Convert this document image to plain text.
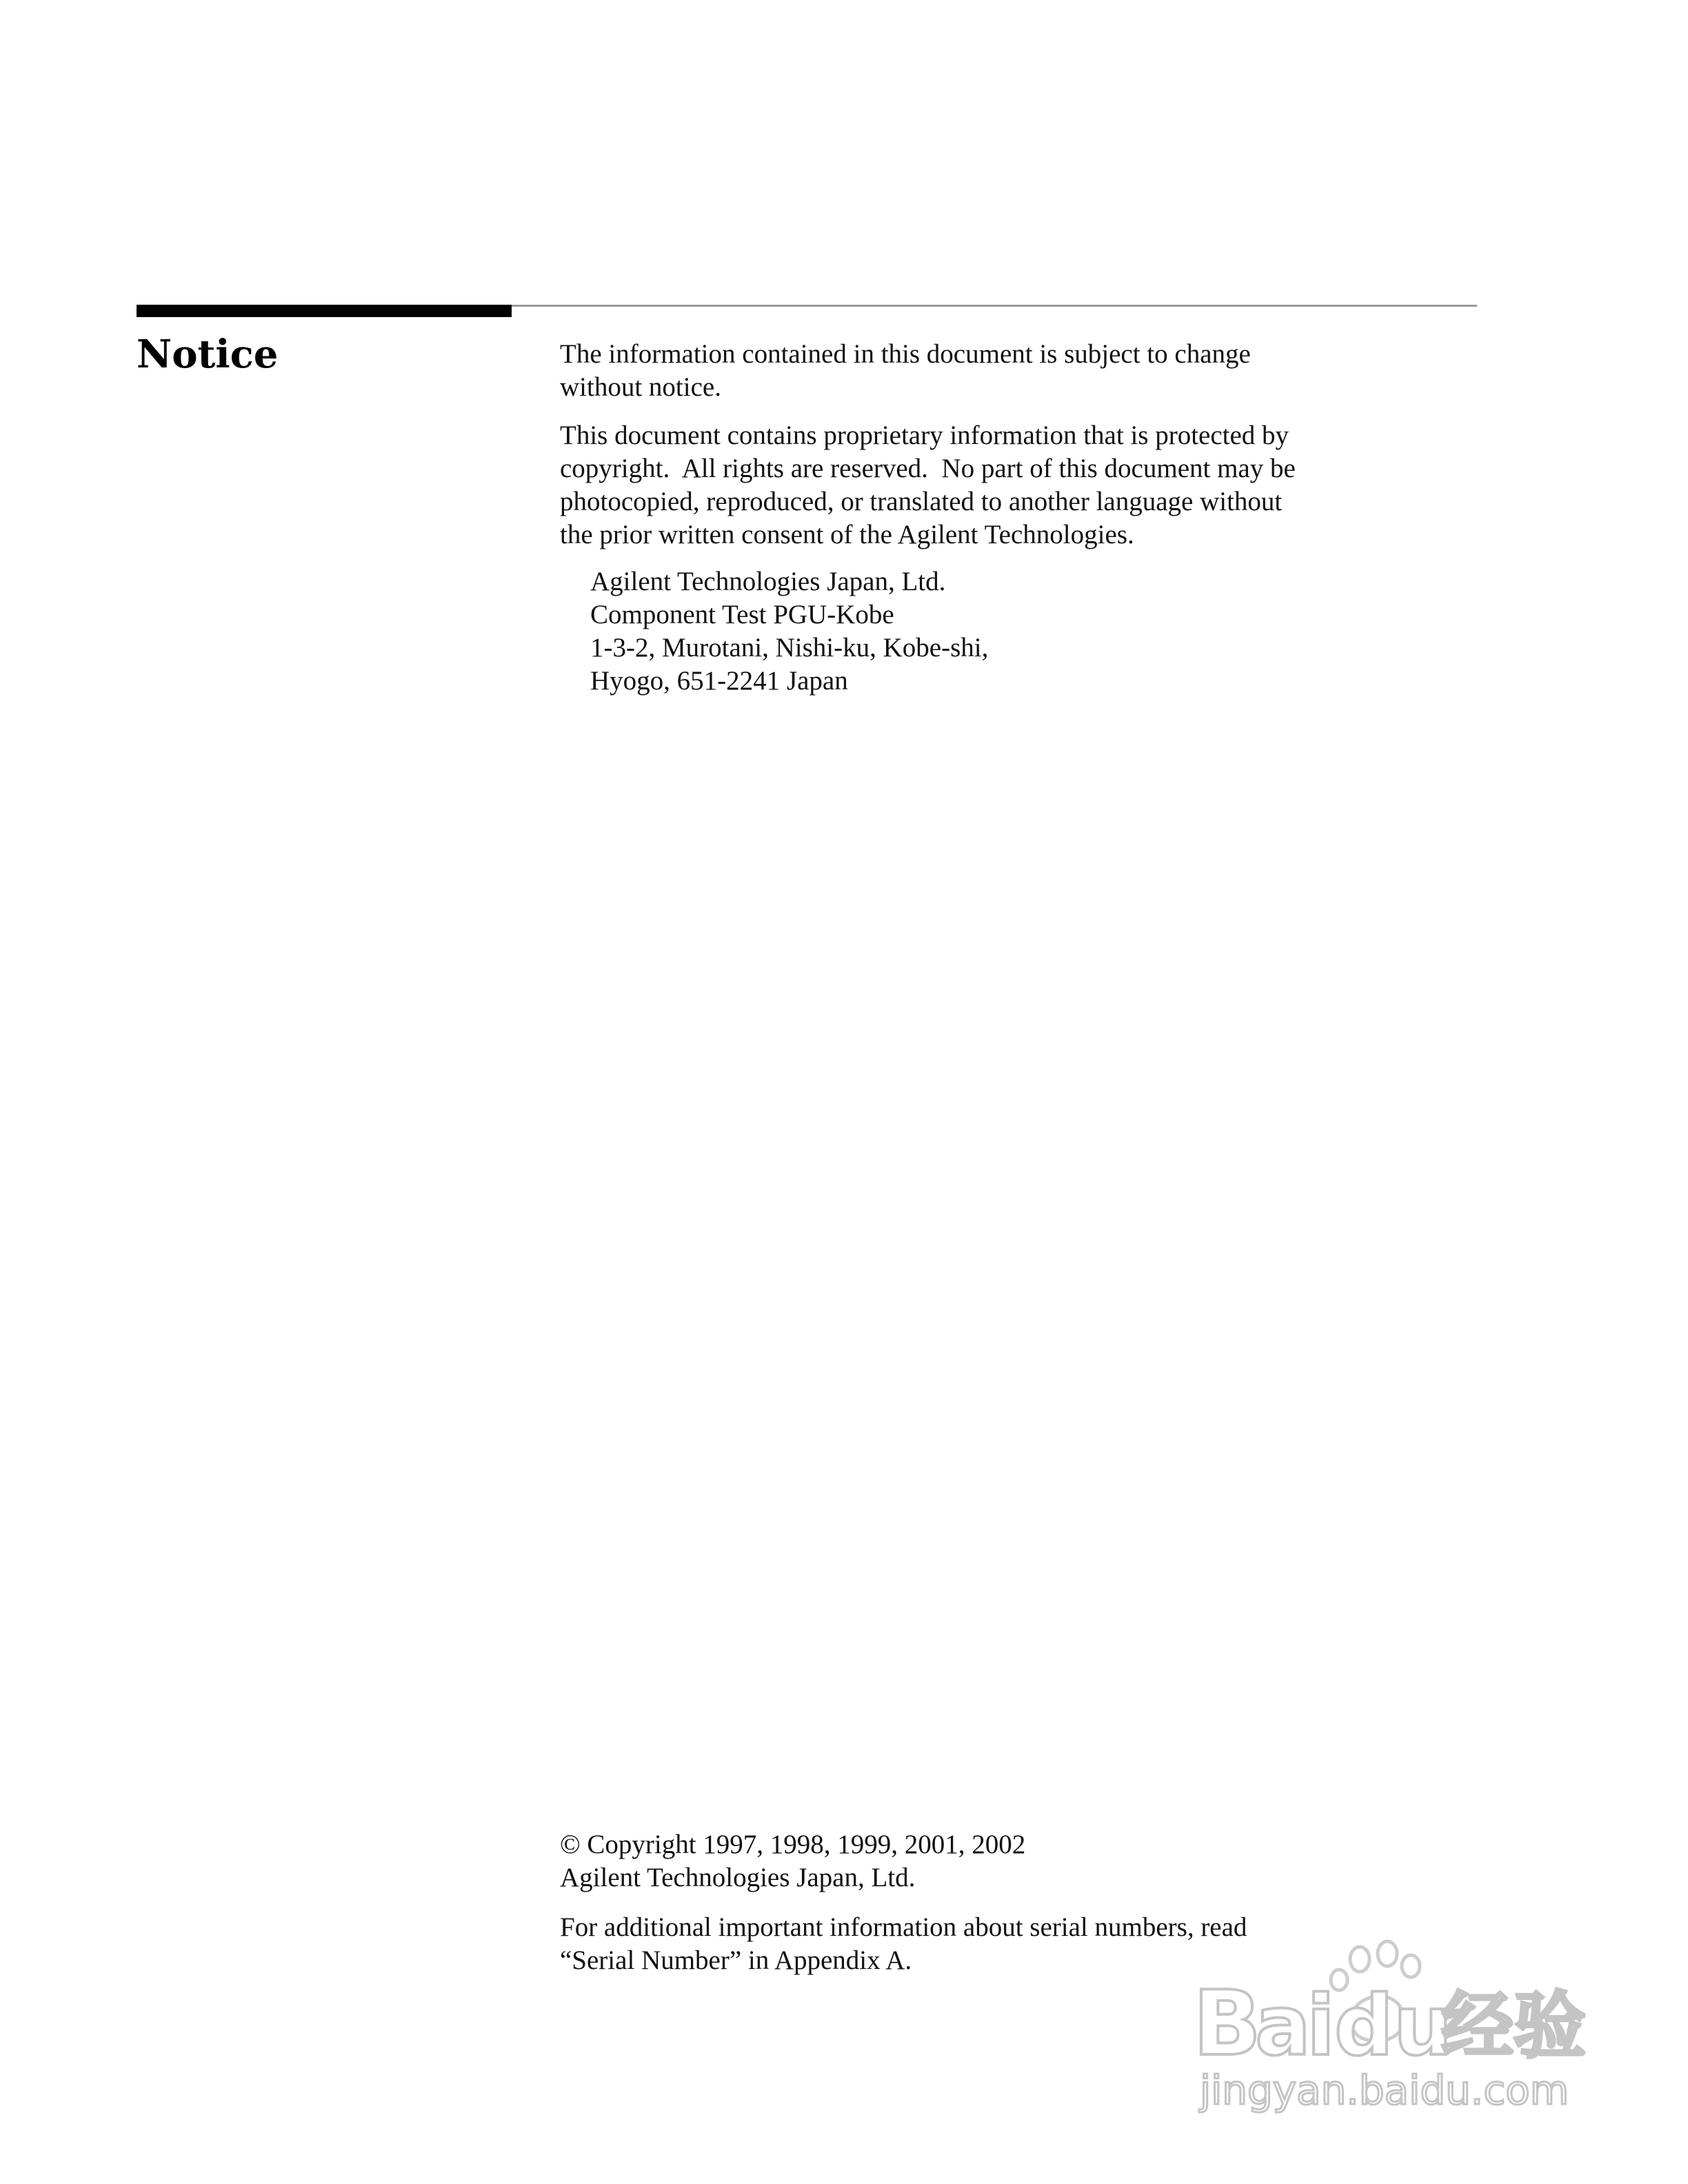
Notice	The information contained in this document is subject to change
without notice.
This document contains proprietary information that is protected by
copyright.  All rights are reserved.  No part of this document may be
photocopied, reproduced, or translated to another language without
the prior written consent of the Agilent Technologies.
Agilent Technologies Japan, Ltd.
Component Test PGU-Kobe
1-3-2, Murotani, Nishi-ku, Kobe-shi,
Hyogo, 651-2241 Japan
© Copyright 1997, 1998, 1999, 2001, 2002
Agilent Technologies Japan, Ltd.
For additional important information about serial numbers, read
“Serial Number” in Appendix A.
B
a
i
du
经验
jingyan.baidu.com
